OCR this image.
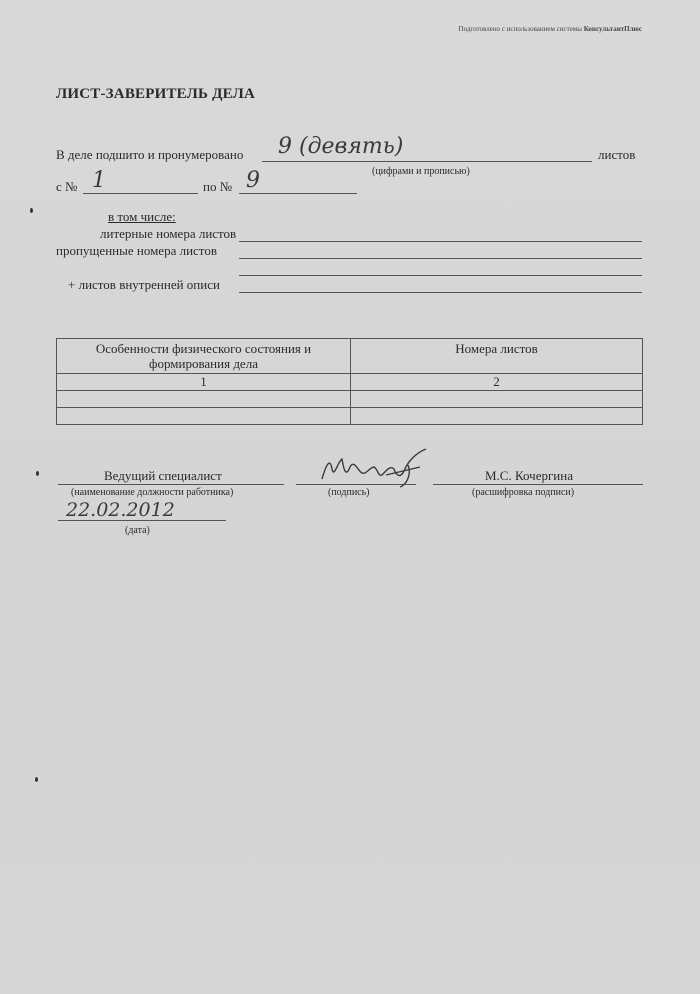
Подготовлено с использованием системы КонсультантПлюс
ЛИСТ-ЗАВЕРИТЕЛЬ ДЕЛА
В деле подшито и пронумеровано 9 (девять)	листов
(цифрами и прописью)
с № 1	по № 9
в том числе:
литерные номера листов
пропущенные номера листов
+ листов внутренней описи
Особенности физического состояния и формирования дела	Номера листов
1	2

Ведущий специалист
(наименование должности работника)	(подпись)
М.С. Кочергина
(расшифровка подписи)
22.02.2012
(дата)
